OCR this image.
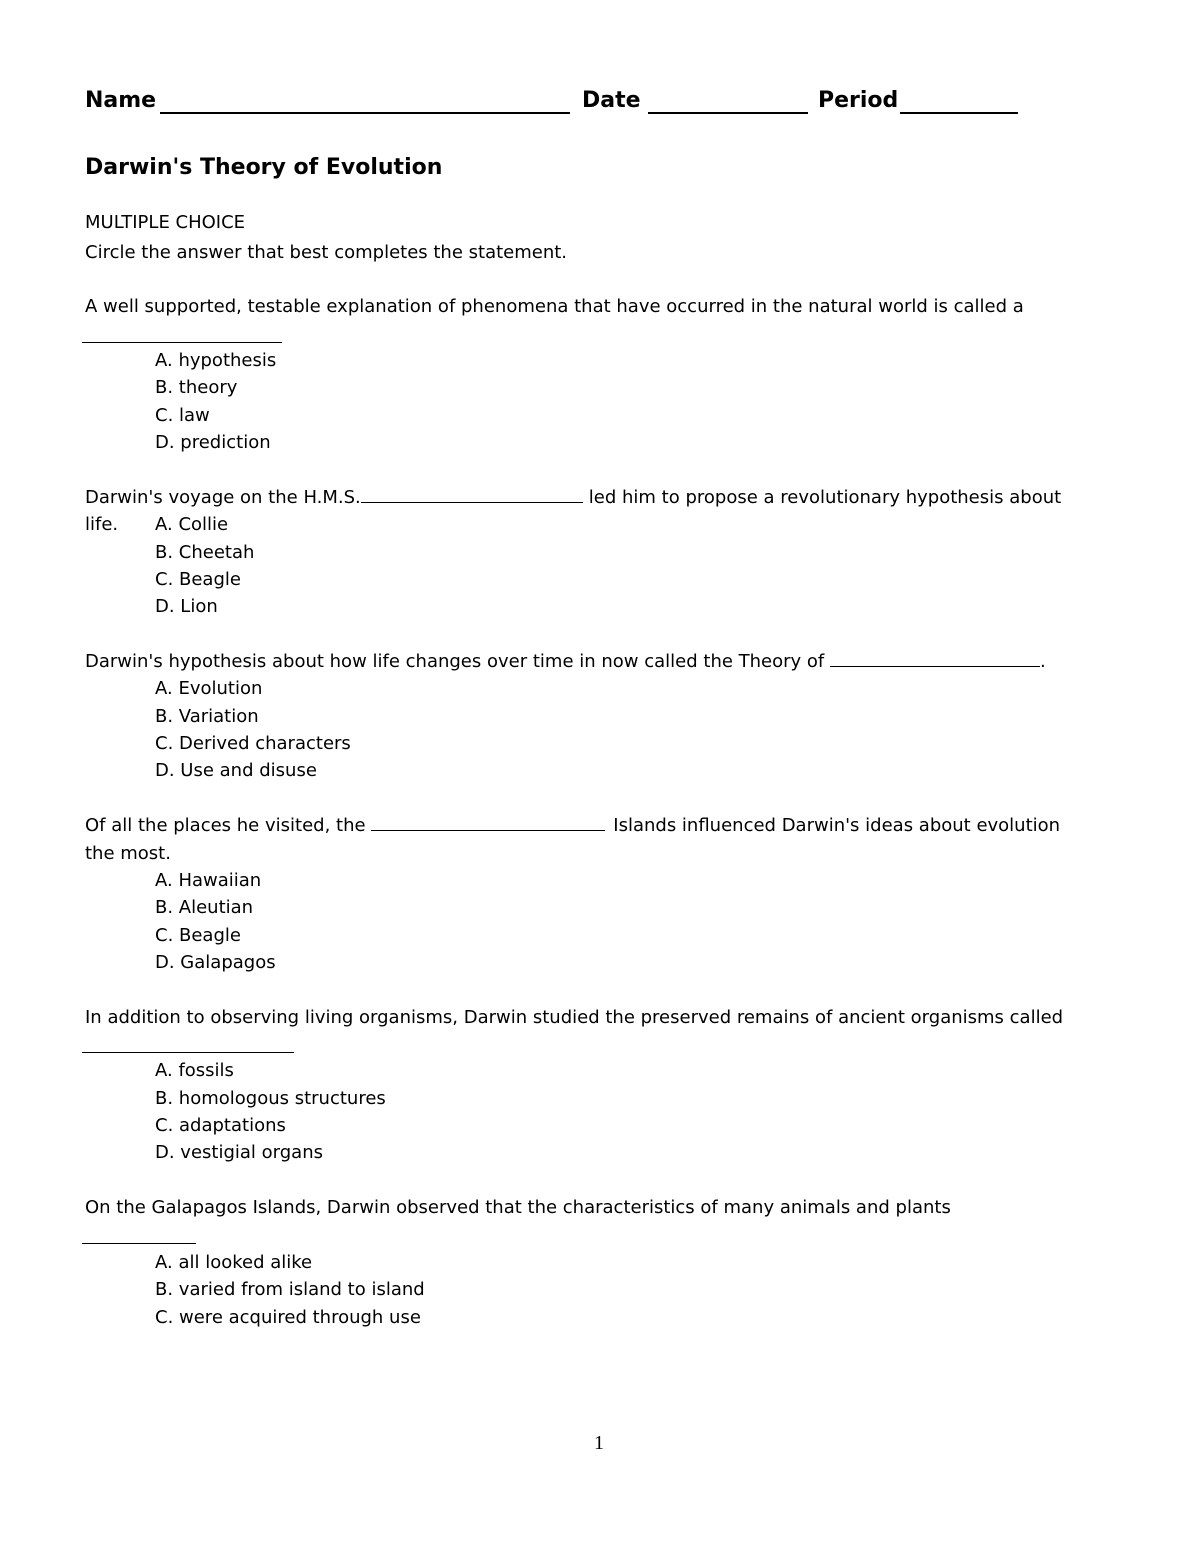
Name	Date	Period
Darwin's Theory of Evolution
MULTIPLE CHOICE
Circle the answer that best completes the statement.
A well supported, testable explanation of phenomena that have occurred in the natural world is called a
A. hypothesis
B. theory
C. law
D. prediction
Darwin's voyage on the H.M.S.	led him to propose a revolutionary hypothesis about
life. A. Collie
B. Cheetah
C. Beagle
D. Lion
Darwin's hypothesis about how life changes over time in now called the Theory of	.
A. Evolution
B. Variation
C. Derived characters
D. Use and disuse
Of all the places he visited, the	Islands influenced Darwin's ideas about evolution
the most.
A. Hawaiian
B. Aleutian
C. Beagle
D. Galapagos
In addition to observing living organisms, Darwin studied the preserved remains of ancient organisms called
A. fossils
B. homologous structures
C. adaptations
D. vestigial organs
On the Galapagos Islands, Darwin observed that the characteristics of many animals and plants
A. all looked alike
B. varied from island to island
C. were acquired through use
1
